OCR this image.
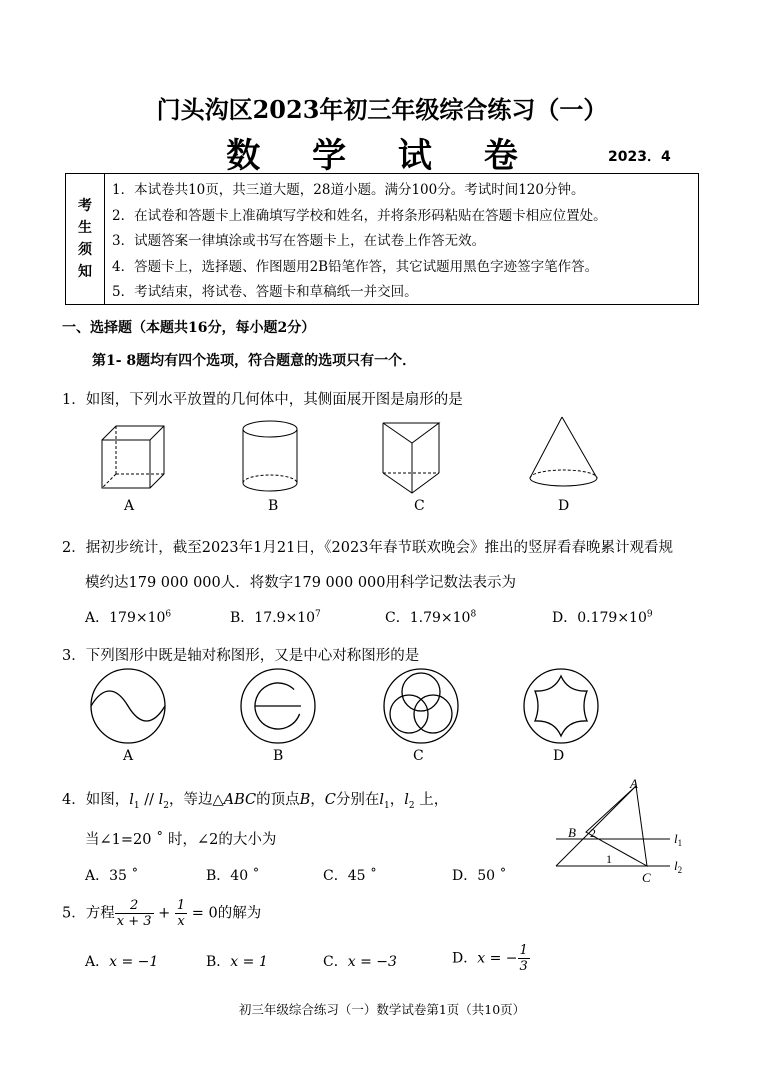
门头沟区2023年初三年级综合练习（一）
数 学 试 卷	2023．4
考
生
须
知
1．本试卷共10页，共三道大题，28道小题。满分100分。考试时间120分钟。
2．在试卷和答题卡上准确填写学校和姓名，并将条形码粘贴在答题卡相应位置处。
3．试题答案一律填涂或书写在答题卡上，在试卷上作答无效。
4．答题卡上，选择题、作图题用2B铅笔作答，其它试题用黑色字迹签字笔作答。
5．考试结束，将试卷、答题卡和草稿纸一并交回。
一、选择题（本题共16分，每小题2分）
第1- 8题均有四个选项，符合题意的选项只有一个．
1．如图，下列水平放置的几何体中，其侧面展开图是扇形的是
A	B	C	D
2．据初步统计，截至2023年1月21日，《2023年春节联欢晚会》推出的竖屏看春晚累计观看规
模约达179 000 000人．将数字179 000 000用科学记数法表示为
A．$179\times 10^6$	B．$17.9\times 10^7$	C．$1.79\times 10^8$	D．$0.179\times 10^9$
3．下列图形中既是轴对称图形，又是中心对称图形的是
A	B	C	D
4．如图，$l_1 // l_2$，等边△ABC的顶点B，C分别在$l_1$，$l_2$ 上，
当∠1=20 ˚ 时，∠2的大小为
A．35 ˚	B．40 ˚	C．45 ˚	D．50 ˚
A
B
C
2
1
$l_1$
$l_2$
5．方程 $\frac{2}{x + 3} + \frac{1}{x} = 0$的解为
A．x = −1	B．x = 1	C．x = −3	D．x = − $\frac{1}{3}$
初三年级综合练习（一）数学试卷第1页（共10页）
